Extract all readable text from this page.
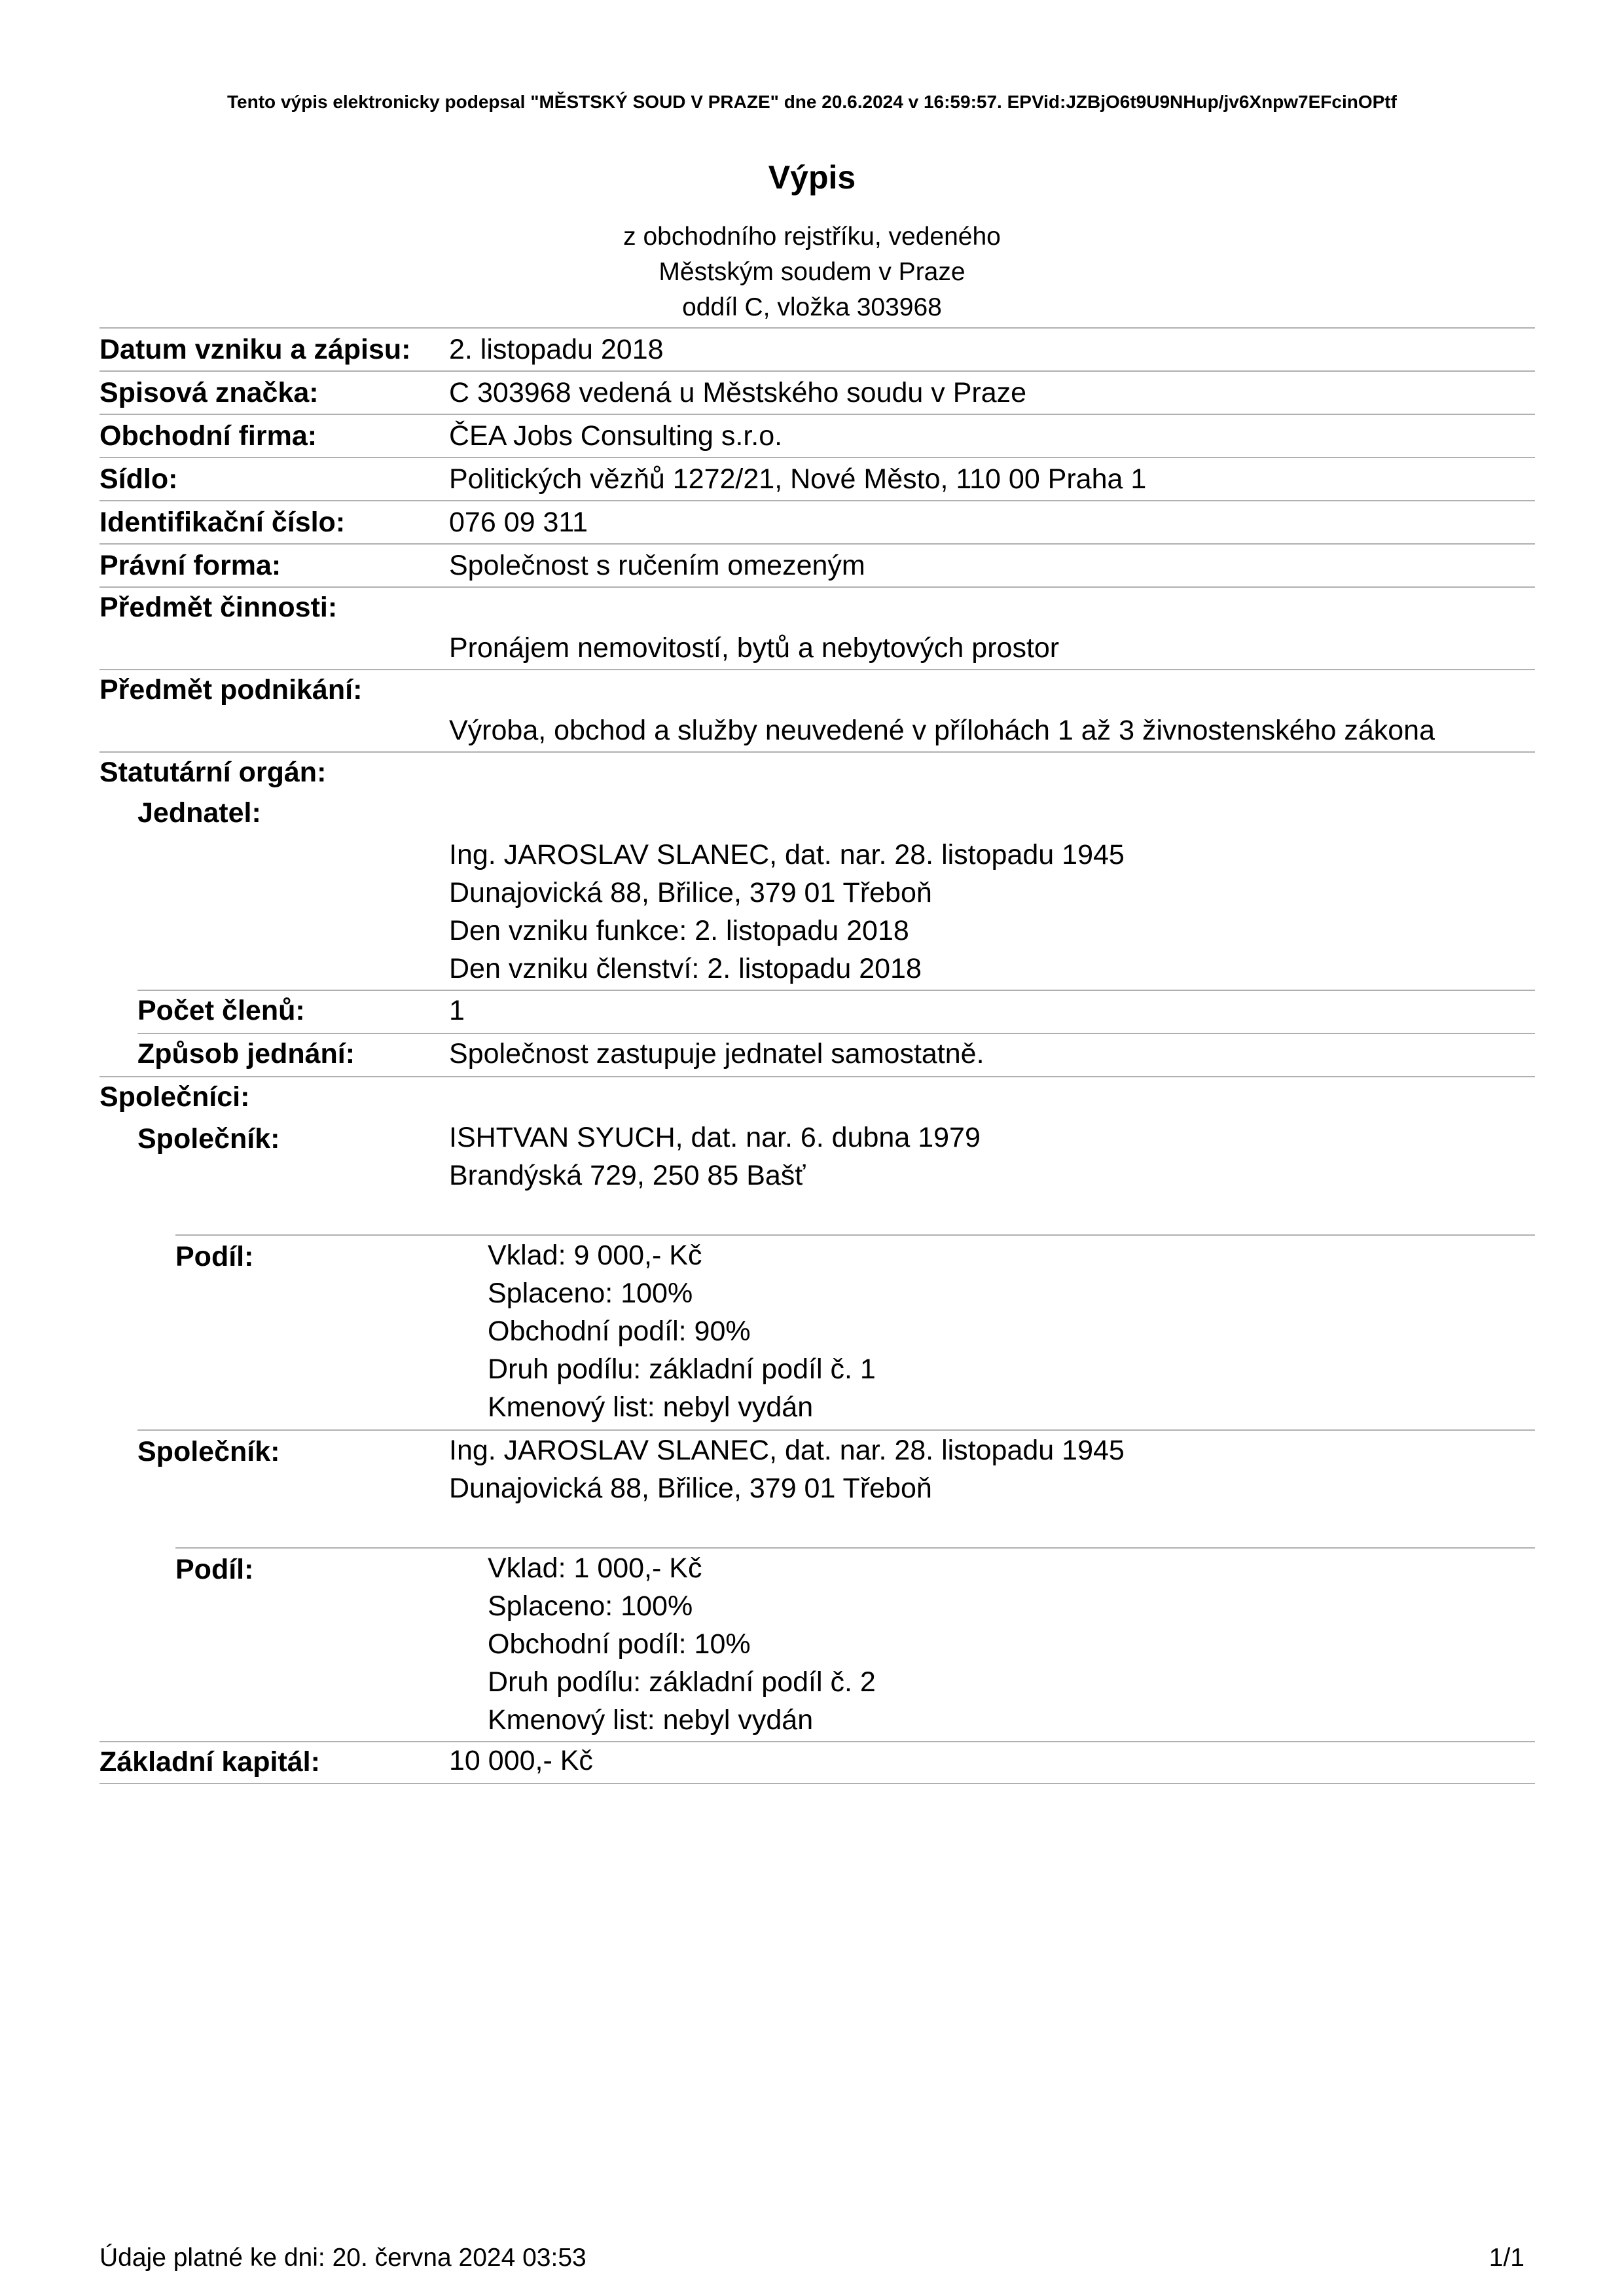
Tento výpis elektronicky podepsal "MĚSTSKÝ SOUD V PRAZE" dne 20.6.2024 v 16:59:57. EPVid:JZBjO6t9U9NHup/jv6Xnpw7EFcinOPtf
Výpis
z obchodního rejstříku, vedeného
Městským soudem v Praze
oddíl C, vložka 303968
Datum vzniku a zápisu: 2. listopadu 2018
Spisová značka:	C 303968 vedená u Městského soudu v Praze
Obchodní firma:	ČEA Jobs Consulting s.r.o.
Sídlo:	Politických vězňů 1272/21, Nové Město, 110 00 Praha 1
Identifikační číslo:	076 09 311
Právní forma:	Společnost s ručením omezeným
Předmět činnosti:
Pronájem nemovitostí, bytů a nebytových prostor
Předmět podnikání:
Výroba, obchod a služby neuvedené v přílohách 1 až 3 živnostenského zákona
Statutární orgán:
Jednatel:
Ing. JAROSLAV SLANEC, dat. nar. 28. listopadu 1945
Dunajovická 88, Břilice, 379 01 Třeboň
Den vzniku funkce: 2. listopadu 2018
Den vzniku členství: 2. listopadu 2018
Počet členů:	1
Způsob jednání:	Společnost zastupuje jednatel samostatně.
Společníci:
Společník:	ISHTVAN SYUCH, dat. nar. 6. dubna 1979
Brandýská 729, 250 85 Bašť
Podíl:	Vklad: 9 000,- Kč
Splaceno: 100%
Obchodní podíl: 90%
Druh podílu: základní podíl č. 1
Kmenový list: nebyl vydán
Společník:	Ing. JAROSLAV SLANEC, dat. nar. 28. listopadu 1945
Dunajovická 88, Břilice, 379 01 Třeboň
Podíl:	Vklad: 1 000,- Kč
Splaceno: 100%
Obchodní podíl: 10%
Druh podílu: základní podíl č. 2
Kmenový list: nebyl vydán
Základní kapitál:	10 000,- Kč
Údaje platné ke dni: 20. června 2024 03:53	1/1
